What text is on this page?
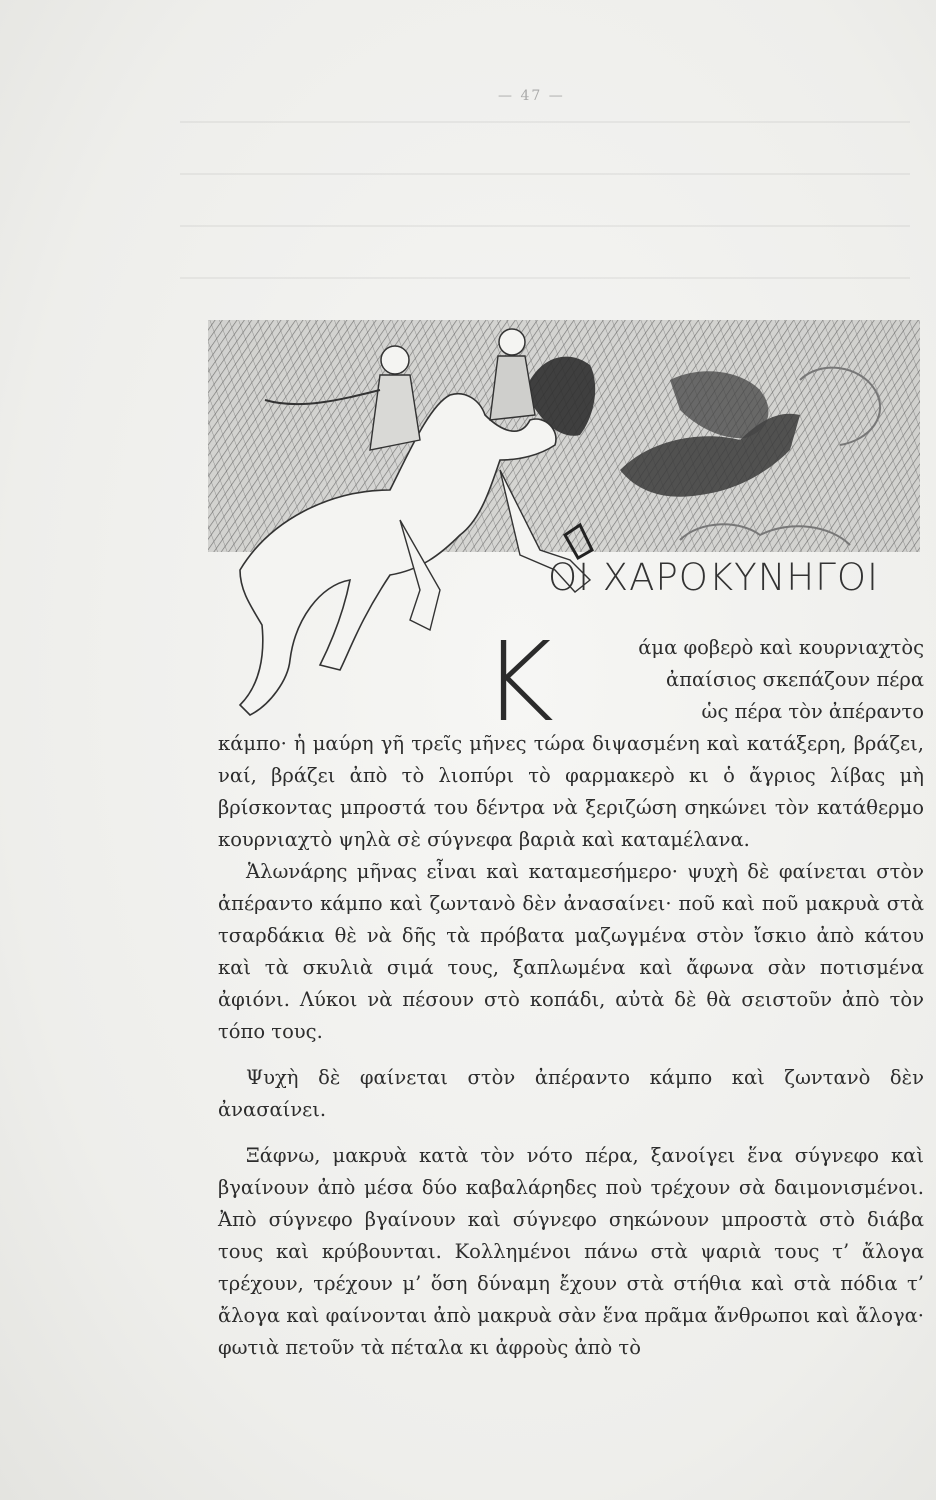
— 47 —
ΟΙ ΧΑΡΟΚΥΝΗΓΟΙ
Κ	άμα φοβερὸ καὶ κουρνιαχτὸς
ἀπαίσιος σκεπάζουν πέρα
ὡς πέρα τὸν ἀπέραντο

κάμπο· ἡ μαύρη γῆ τρεῖς μῆνες τώρα διψασμένη καὶ κατάξερη, βράζει, ναί, βράζει ἀπὸ τὸ λιοπύρι τὸ φαρμακερὸ κι ὁ ἄγριος λίβας μὴ βρίσκοντας μπροστά του δέντρα νὰ ξεριζώση σηκώνει τὸν κατάθερμο κουρνιαχτὸ ψηλὰ σὲ σύγνεφα βαριὰ καὶ καταμέλανα.

Ἁλωνάρης μῆνας εἶναι καὶ καταμεσήμερο· ψυχὴ δὲ φαίνεται στὸν ἀπέραντο κάμπο καὶ ζωντανὸ δὲν ἀνασαίνει· ποῦ καὶ ποῦ μακρυὰ στὰ τσαρδάκια θὲ νὰ δῆς τὰ πρόβατα μαζωγμένα στὸν ἴσκιο ἀπὸ κάτου καὶ τὰ σκυλιὰ σιμά τους, ξαπλωμένα καὶ ἄφωνα σὰν ποτισμένα ἀφιόνι. Λύκοι νὰ πέσουν στὸ κοπάδι, αὐτὰ δὲ θὰ σειστοῦν ἀπὸ τὸν τόπο τους.

Ψυχὴ δὲ φαίνεται στὸν ἀπέραντο κάμπο καὶ ζωντανὸ δὲν ἀνασαίνει.

Ξάφνω, μακρυὰ κατὰ τὸν νότο πέρα, ξανοίγει ἕνα σύγνεφο καὶ βγαίνουν ἀπὸ μέσα δύο καβαλάρηδες ποὺ τρέχουν σὰ δαιμονισμένοι. Ἀπὸ σύγνεφο βγαίνουν καὶ σύγνεφο σηκώνουν μπροστὰ στὸ διάβα τους καὶ κρύβουνται. Κολλημένοι πάνω στὰ ψαριὰ τους τ’ ἄλογα τρέχουν, τρέχουν μ’ ὅση δύναμη ἔχουν στὰ στήθια καὶ στὰ πόδια τ’ ἄλογα καὶ φαίνονται ἀπὸ μακρυὰ σὰν ἕνα πρᾶμα ἄνθρωποι καὶ ἄλογα· φωτιὰ πετοῦν τὰ πέταλα κι ἀφροὺς ἀπὸ τὸ
